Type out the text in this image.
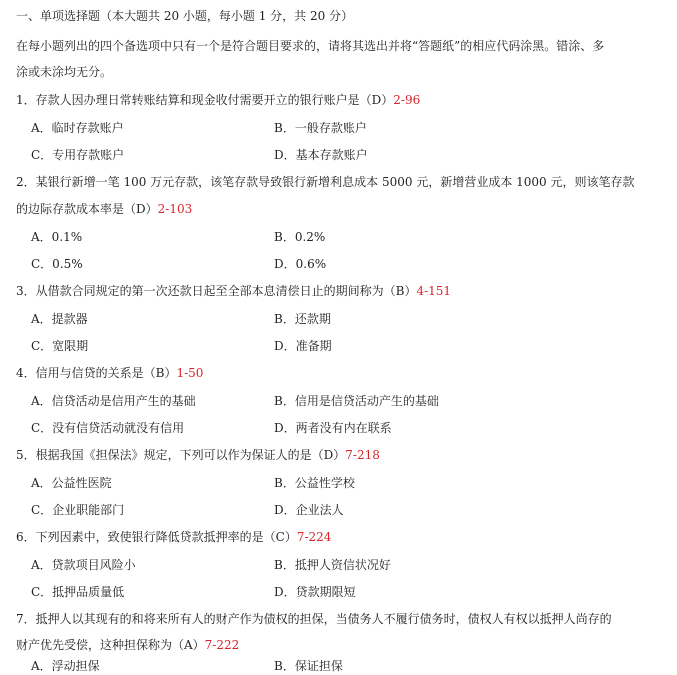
一、单项选择题（本大题共 20 小题，每小题 1 分，共 20 分）
在每小题列出的四个备选项中只有一个是符合题目要求的，请将其选出并将“答题纸”的相应代码涂黑。错涂、多
涂或未涂均无分。
1．存款人因办理日常转账结算和现金收付需要开立的银行账户是（D）2-96
A．临时存款账户	B．一般存款账户
C．专用存款账户	D．基本存款账户
2．某银行新增一笔 100 万元存款，该笔存款导致银行新增利息成本 5000 元，新增营业成本 1000 元，则该笔存款
的边际存款成本率是（D）2-103
A．0.1%	B．0.2%
C．0.5%	D．0.6%
3．从借款合同规定的第一次还款日起至全部本息清偿日止的期间称为（B）4-151
A．提款器	B．还款期
C．宽限期	D．准备期
4．信用与信贷的关系是（B）1-50
A．信贷活动是信用产生的基础	B．信用是信贷活动产生的基础
C．没有信贷活动就没有信用	D．两者没有内在联系
5．根据我国《担保法》规定，下列可以作为保证人的是（D）7-218
A．公益性医院	B．公益性学校
C．企业职能部门	D．企业法人
6．下列因素中，致使银行降低贷款抵押率的是（C）7-224
A．贷款项目风险小	B．抵押人资信状况好
C．抵押品质量低	D．贷款期限短
7．抵押人以其现有的和将来所有人的财产作为债权的担保，当债务人不履行债务时，债权人有权以抵押人尚存的
财产优先受偿，这种担保称为（A）7-222
A．浮动担保	B．保证担保
